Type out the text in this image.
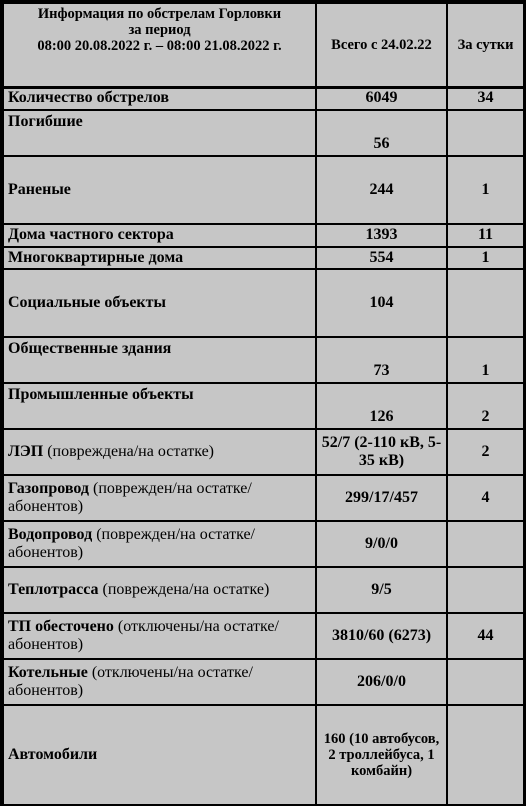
Информация по обстрелам Горловки
за период
08:00 20.08.2022 г. – 08:00 21.08.2022 г.	Всего с 24.02.22	За сутки
Количество обстрелов	6049	34
Погибшие	56	
Раненые	244	1
Дома частного сектора	1393	11
Многоквартирные дома	554	1
Социальные объекты	104	
Общественные здания	73	1
Промышленные объекты	126	2
ЛЭП (повреждена/на остатке)	52/7 (2-110 кВ, 5-35 кВ)	2
Газопровод (поврежден/на остатке/абонентов)	299/17/457	4
Водопровод (поврежден/на остатке/абонентов)	9/0/0	
Теплотрасса (повреждена/на остатке)	9/5	
ТП обесточено (отключены/на остатке/абонентов)	3810/60 (6273)	44
Котельные (отключены/на остатке/абонентов)	206/0/0	
Автомобили	160 (10 автобусов, 2 троллейбуса, 1 комбайн)	
